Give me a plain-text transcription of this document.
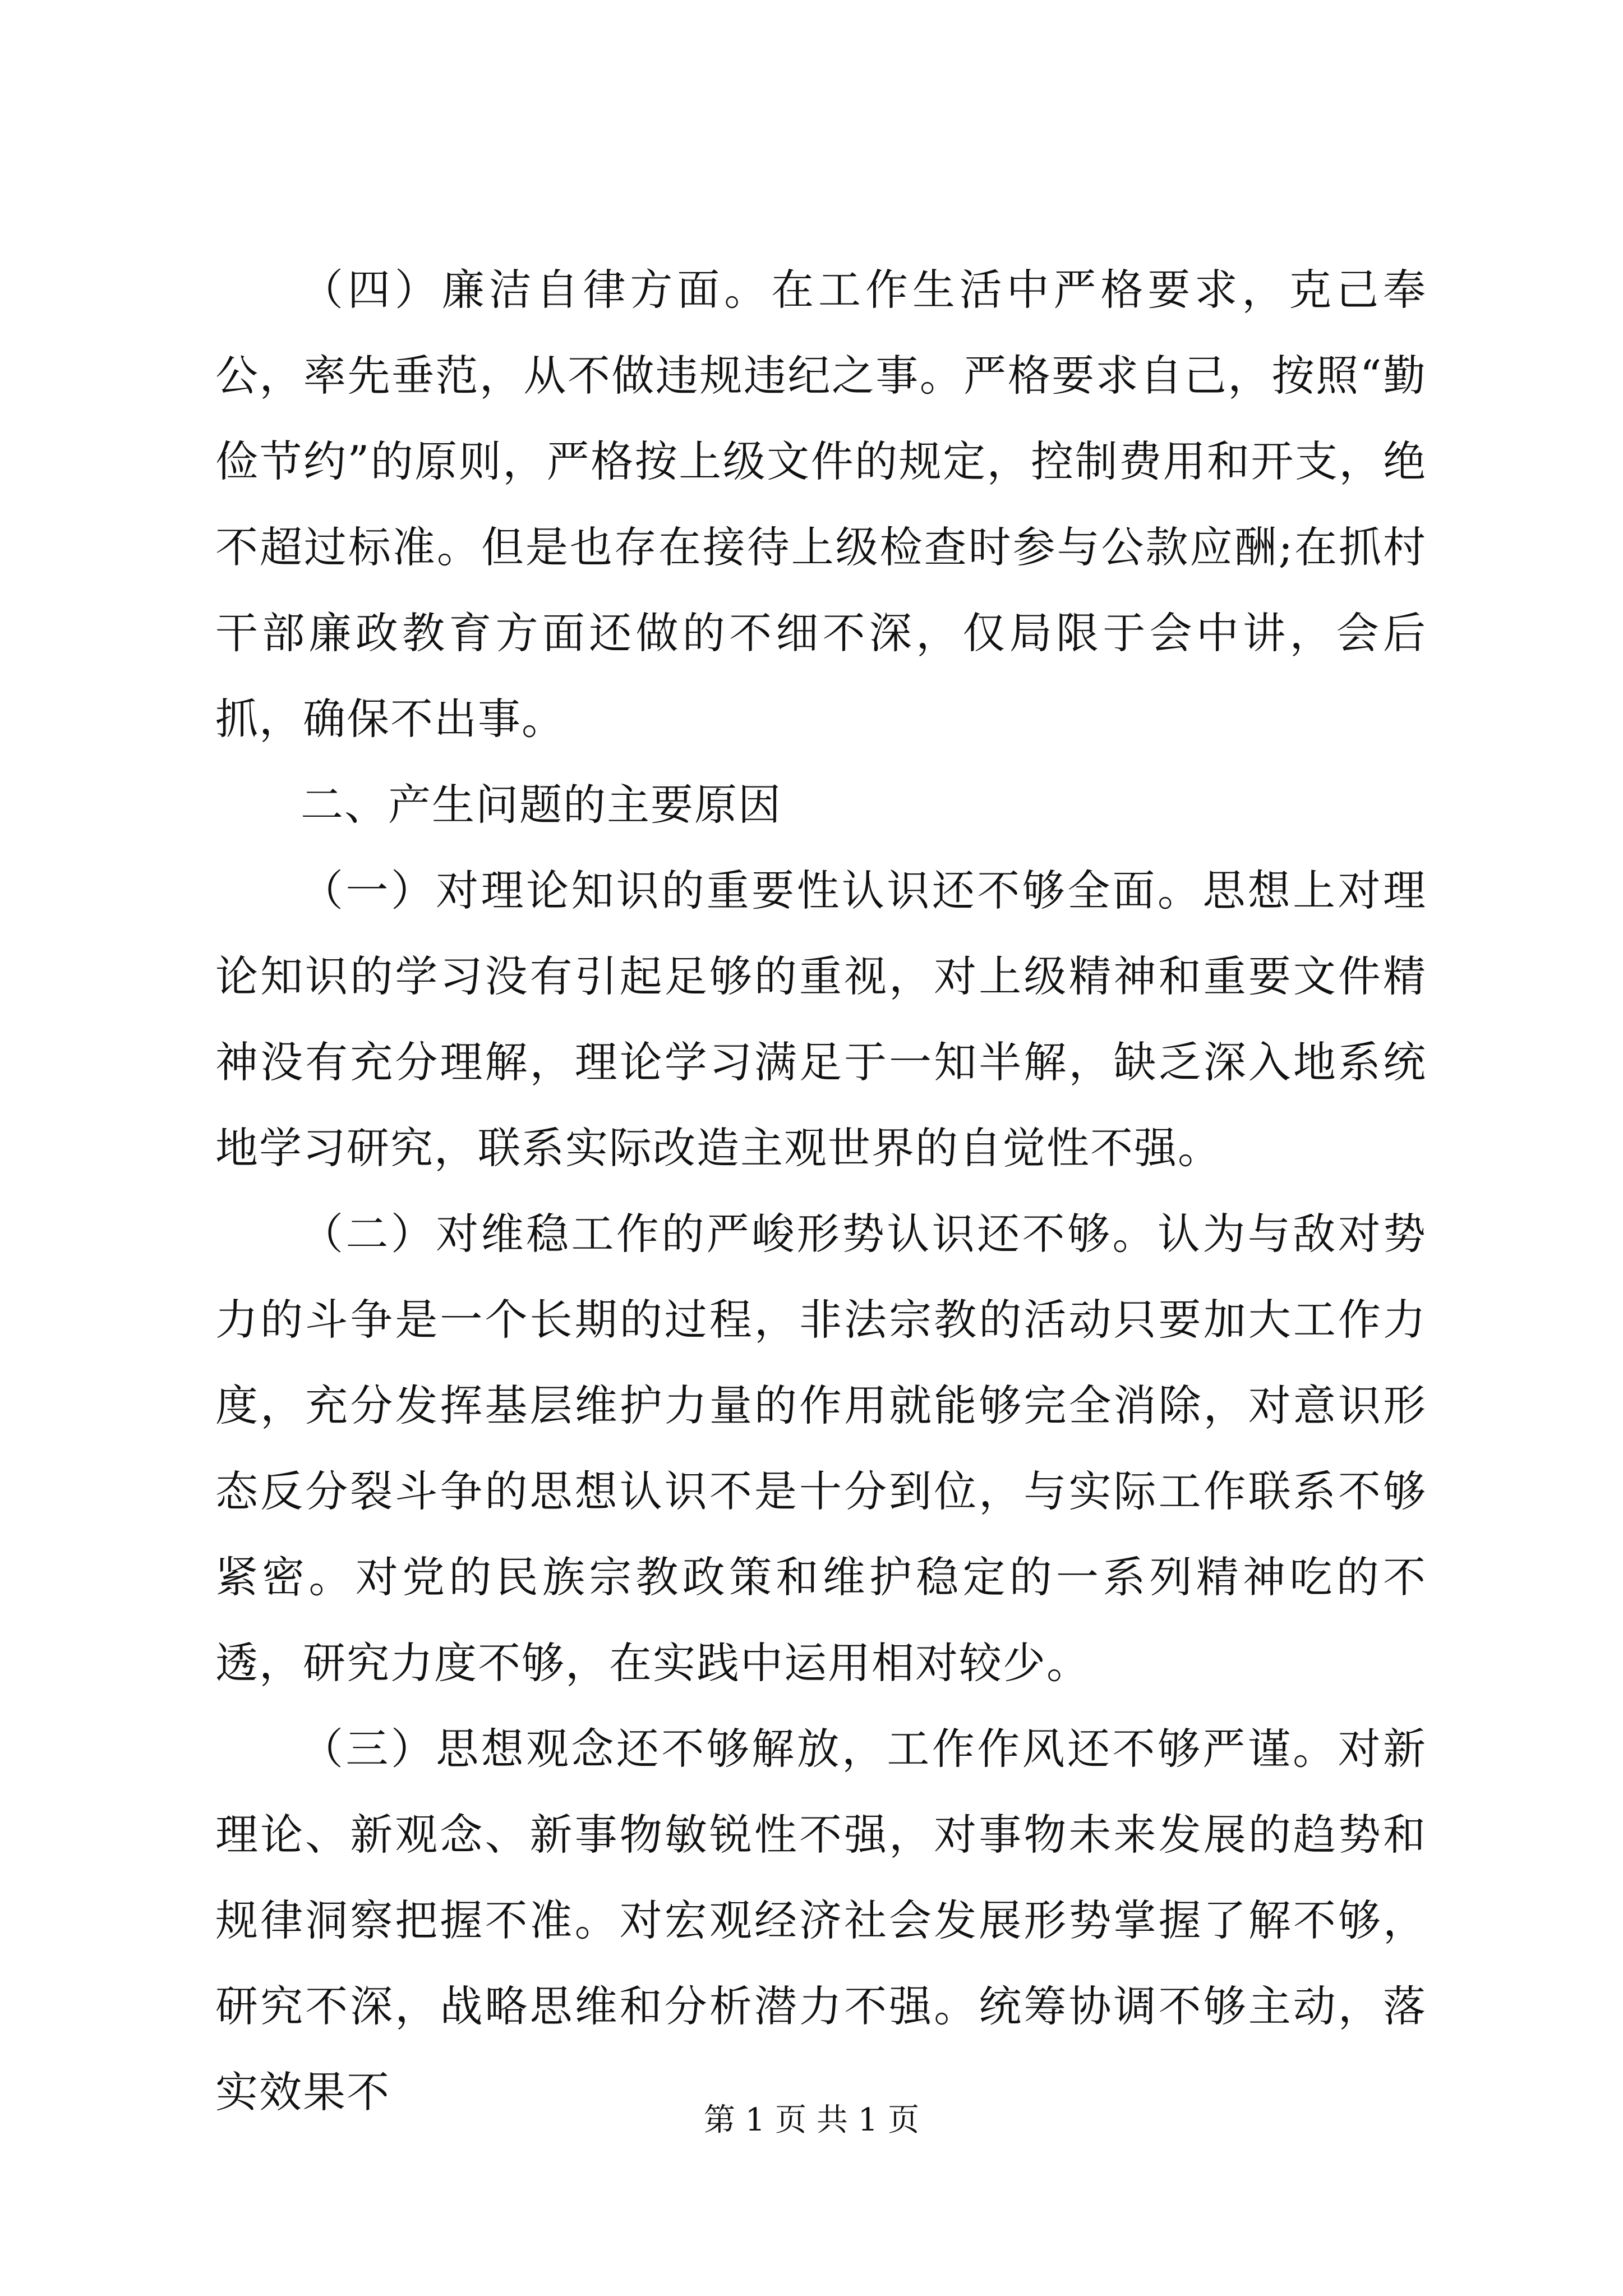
（四）廉洁自律方面。在工作生活中严格要求，克己奉公，率先垂范，从不做违规违纪之事。严格要求自己，按照“勤俭节约”的原则，严格按上级文件的规定，控制费用和开支，绝不超过标准。但是也存在接待上级检查时参与公款应酬;在抓村干部廉政教育方面还做的不细不深，仅局限于会中讲，会后抓，确保不出事。

二、产生问题的主要原因

（一）对理论知识的重要性认识还不够全面。思想上对理论知识的学习没有引起足够的重视，对上级精神和重要文件精神没有充分理解，理论学习满足于一知半解，缺乏深入地系统地学习研究，联系实际改造主观世界的自觉性不强。

（二）对维稳工作的严峻形势认识还不够。认为与敌对势力的斗争是一个长期的过程，非法宗教的活动只要加大工作力度，充分发挥基层维护力量的作用就能够完全消除，对意识形态反分裂斗争的思想认识不是十分到位，与实际工作联系不够紧密。对党的民族宗教政策和维护稳定的一系列精神吃的不透，研究力度不够，在实践中运用相对较少。

（三）思想观念还不够解放，工作作风还不够严谨。对新理论、新观念、新事物敏锐性不强，对事物未来发展的趋势和规律洞察把握不准。对宏观经济社会发展形势掌握了解不够，研究不深，战略思维和分析潜力不强。统筹协调不够主动，落实效果不

第 1 页 共 1 页
